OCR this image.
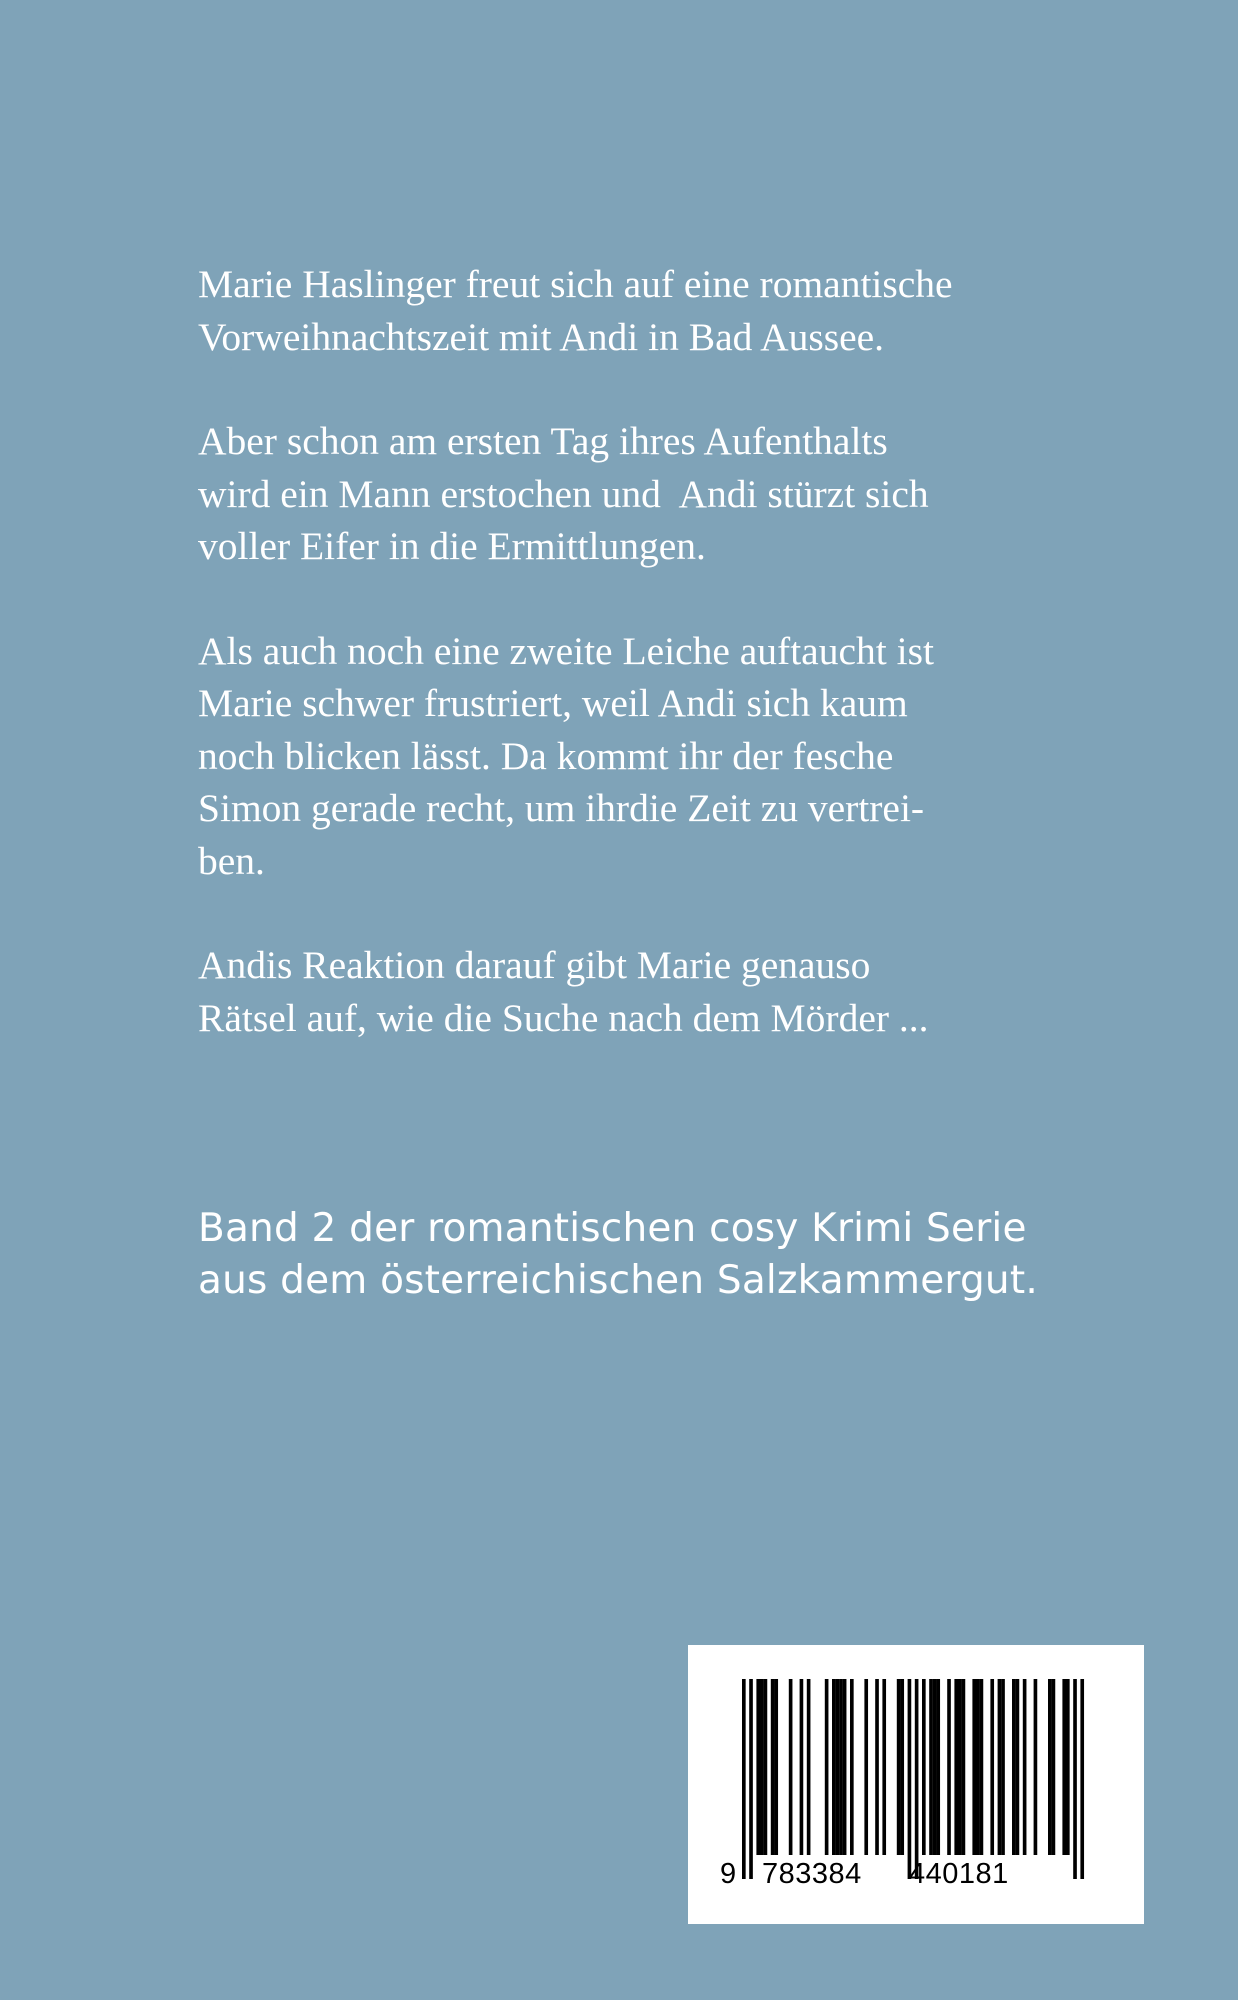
Marie Haslinger freut sich auf eine romantische
Vorweihnachtszeit mit Andi in Bad Aussee.

Aber schon am ersten Tag ihres Aufenthalts
wird ein Mann erstochen und  Andi stürzt sich
voller Eifer in die Ermittlungen.

Als auch noch eine zweite Leiche auftaucht ist
Marie schwer frustriert, weil Andi sich kaum
noch blicken lässt. Da kommt ihr der fesche
Simon gerade recht, um ihrdie Zeit zu vertrei-
ben.

Andis Reaktion darauf gibt Marie genauso
Rätsel auf, wie die Suche nach dem Mörder ...

Band 2 der romantischen cosy Krimi Serie
aus dem österreichischen Salzkammergut.
9 783384 440181
